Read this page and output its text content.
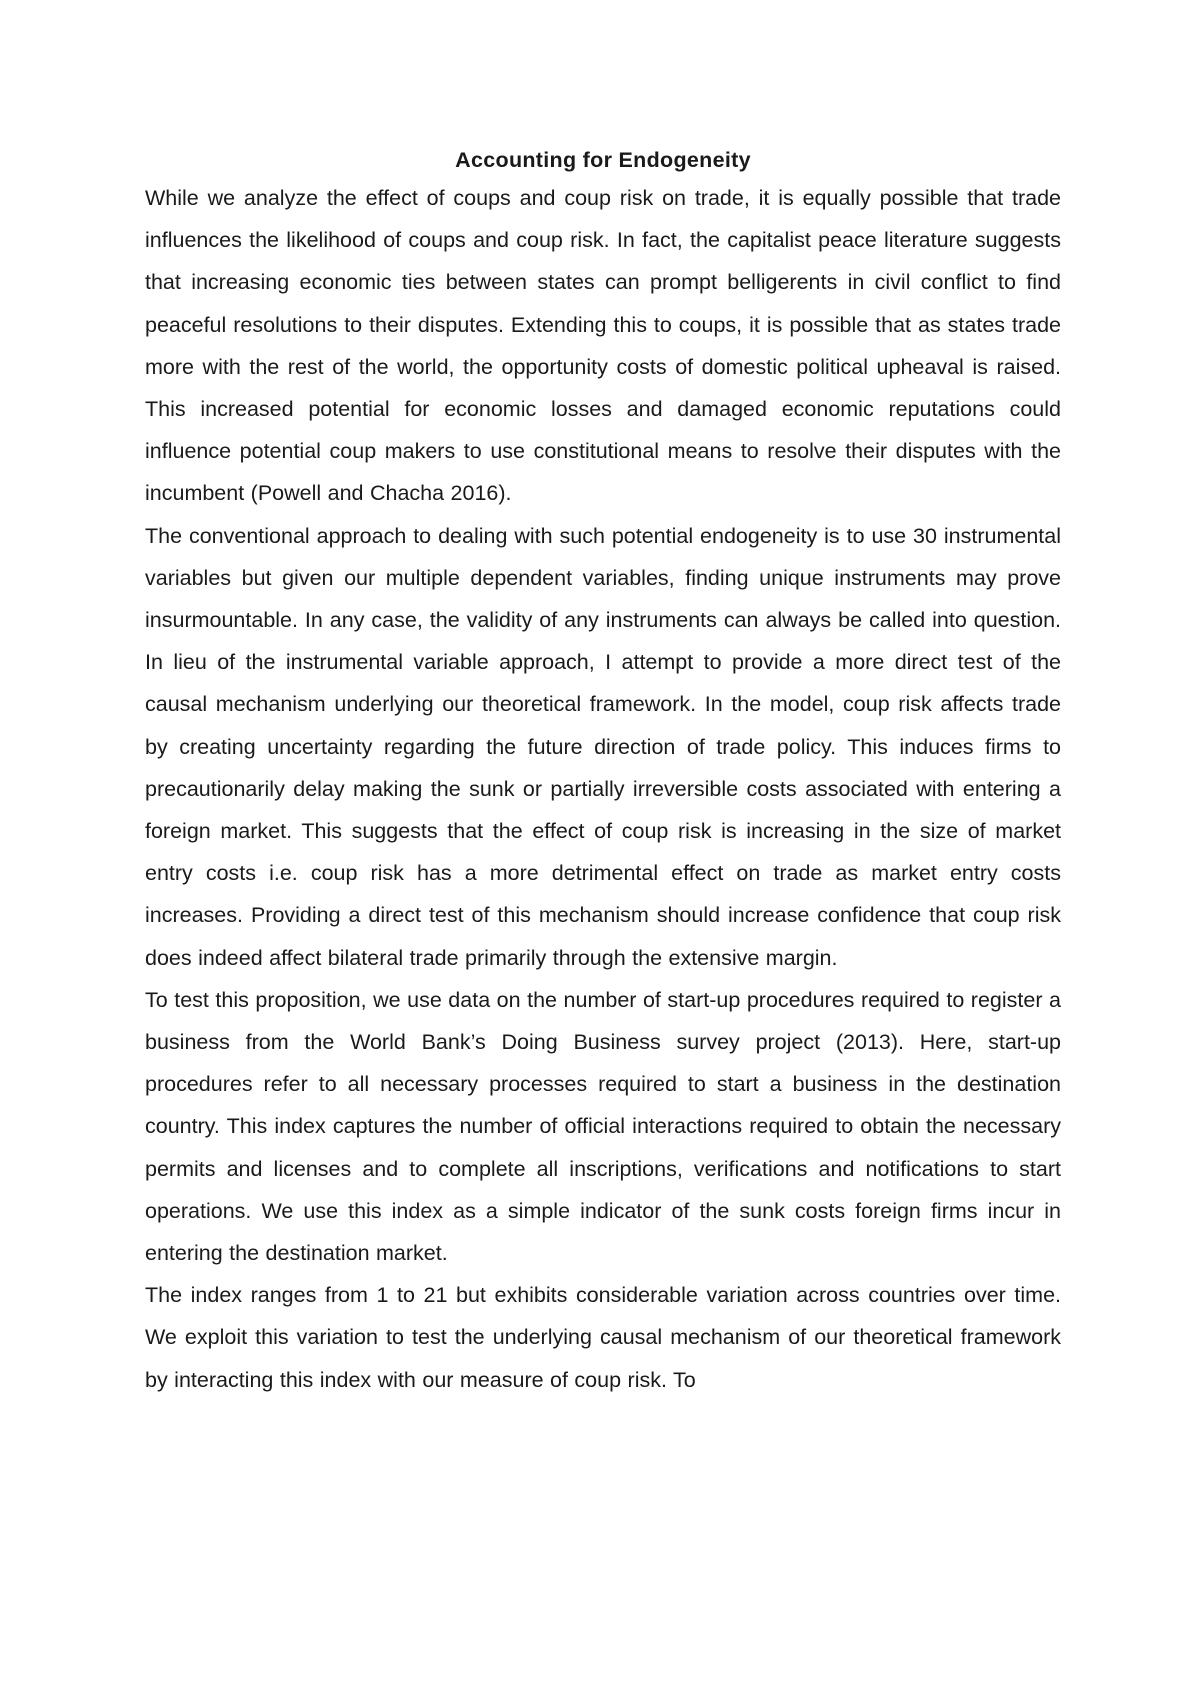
Accounting for Endogeneity

While we analyze the effect of coups and coup risk on trade, it is equally possible that trade influences the likelihood of coups and coup risk. In fact, the capitalist peace literature suggests that increasing economic ties between states can prompt belligerents in civil conflict to find peaceful resolutions to their disputes. Extending this to coups, it is possible that as states trade more with the rest of the world, the opportunity costs of domestic political upheaval is raised. This increased potential for economic losses and damaged economic reputations could influence potential coup makers to use constitutional means to resolve their disputes with the incumbent (Powell and Chacha 2016).

The conventional approach to dealing with such potential endogeneity is to use 30 instrumental variables but given our multiple dependent variables, finding unique instruments may prove insurmountable. In any case, the validity of any instruments can always be called into question. In lieu of the instrumental variable approach, I attempt to provide a more direct test of the causal mechanism underlying our theoretical framework. In the model, coup risk affects trade by creating uncertainty regarding the future direction of trade policy. This induces firms to precautionarily delay making the sunk or partially irreversible costs associated with entering a foreign market. This suggests that the effect of coup risk is increasing in the size of market entry costs i.e. coup risk has a more detrimental effect on trade as market entry costs increases. Providing a direct test of this mechanism should increase confidence that coup risk does indeed affect bilateral trade primarily through the extensive margin.

To test this proposition, we use data on the number of start-up procedures required to register a business from the World Bank’s Doing Business survey project (2013). Here, start-up procedures refer to all necessary processes required to start a business in the destination country. This index captures the number of official interactions required to obtain the necessary permits and licenses and to complete all inscriptions, verifications and notifications to start operations. We use this index as a simple indicator of the sunk costs foreign firms incur in entering the destination market.

The index ranges from 1 to 21 but exhibits considerable variation across countries over time. We exploit this variation to test the underlying causal mechanism of our theoretical framework by interacting this index with our measure of coup risk. To
